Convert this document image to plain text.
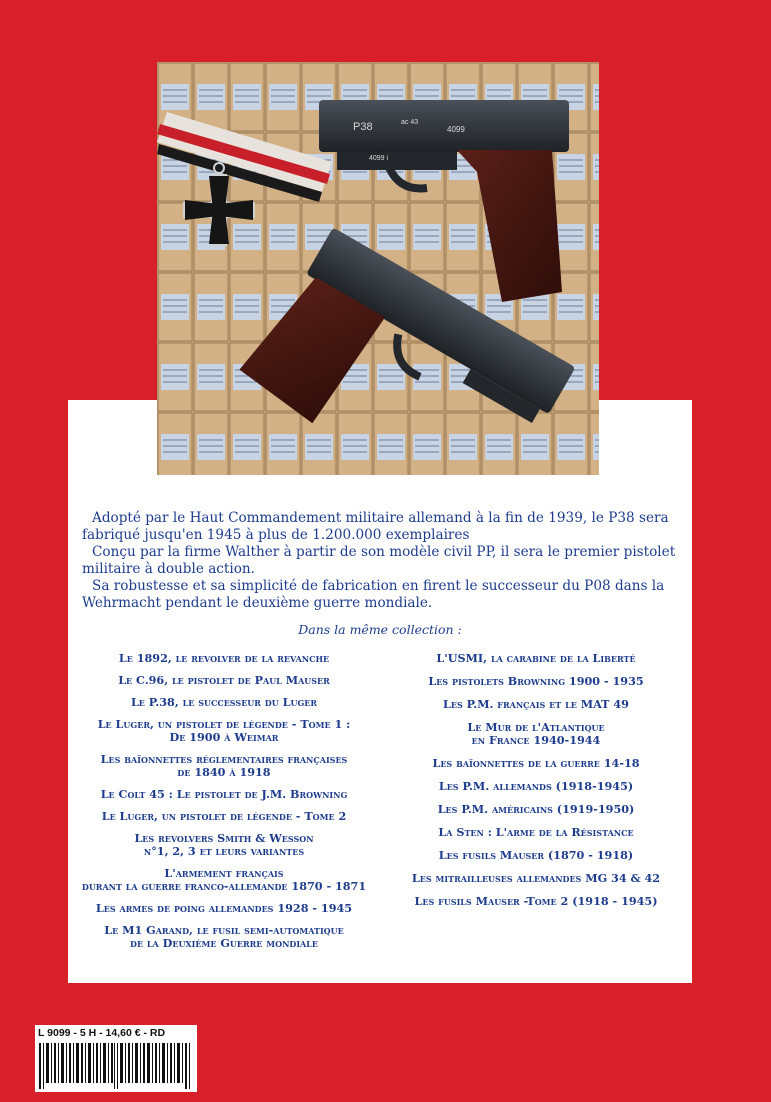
Adopté par le Haut Commandement militaire allemand à la fin de 1939, le P38 sera fabriqué jusqu'en 1945 à plus de 1.200.000 exemplaires

Conçu par la firme Walther à partir de son modèle civil PP, il sera le premier pistolet militaire à double action.

Sa robustesse et sa simplicité de fabrication en firent le successeur du P08 dans la Wehrmacht pendant le deuxième guerre mondiale.

Dans la même collection :
Le 1892, le revolver de la revanche
Le C.96, le pistolet de Paul Mauser
Le P.38, le successeur du Luger
Le Luger, un pistolet de légende - Tome 1 :
De 1900 à Weimar
Les baïonnettes réglementaires françaises
de 1840 à 1918
Le Colt 45 : Le pistolet de J.M. Browning
Le Luger, un pistolet de légende - Tome 2
Les revolvers Smith & Wesson
n°1, 2, 3 et leurs variantes
L'armement français
durant la guerre franco-allemande 1870 - 1871
Les armes de poing allemandes 1928 - 1945
Le M1 Garand, le fusil semi-automatique
de la Deuxième Guerre mondiale
L'USMI, la carabine de la Liberté
Les pistolets Browning 1900 - 1935
Les P.M. français et le MAT 49
Le Mur de l'Atlantique
en France 1940-1944
Les baïonnettes de la guerre 14-18
Les P.M. allemands (1918-1945)
Les P.M. américains (1919-1950)
La Sten : L'arme de la Résistance
Les fusils Mauser (1870 - 1918)
Les mitrailleuses allemandes MG 34 & 42
Les fusils Mauser -Tome 2 (1918 - 1945)
P38	ac 43
4099
4099 i
L 9099 - 5 H - 14,60 € - RD
